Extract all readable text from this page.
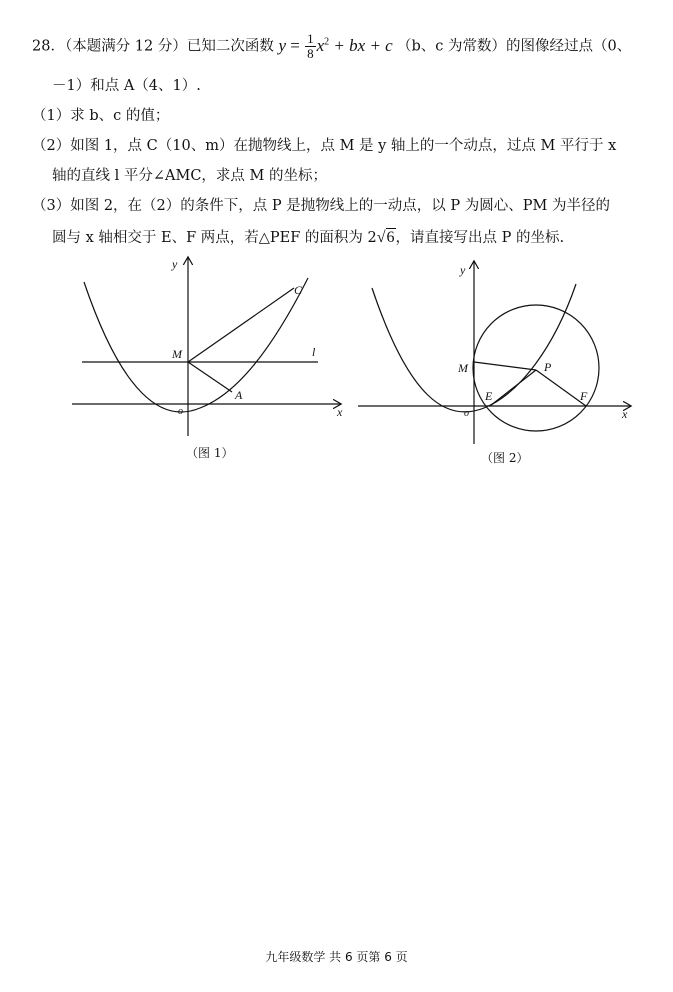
28．（本题满分 12 分）已知二次函数 $y = \frac{1}{8} x^2$ + bx + c （b、c 为常数）的图像经过点（0、
－1）和点 A（4、1）.
（1）求 b、c 的值；
（2）如图 1，点 C（10、m）在抛物线上，点 M 是 y 轴上的一个动点，过点 M 平行于 x
轴的直线 l 平分∠AMC，求点 M 的坐标；
（3）如图 2，在（2）的条件下，点 P 是抛物线上的一动点，以 P 为圆心、PM 为半径的
圆与 x 轴相交于 E、F 两点，若△PEF 的面积为 2√6，请直接写出点 P 的坐标.
y
x
o
M	l
A
C
（图 1）
y
x
o
M	P
E	F
（图 2）
九年级数学 共 6 页第 6 页
